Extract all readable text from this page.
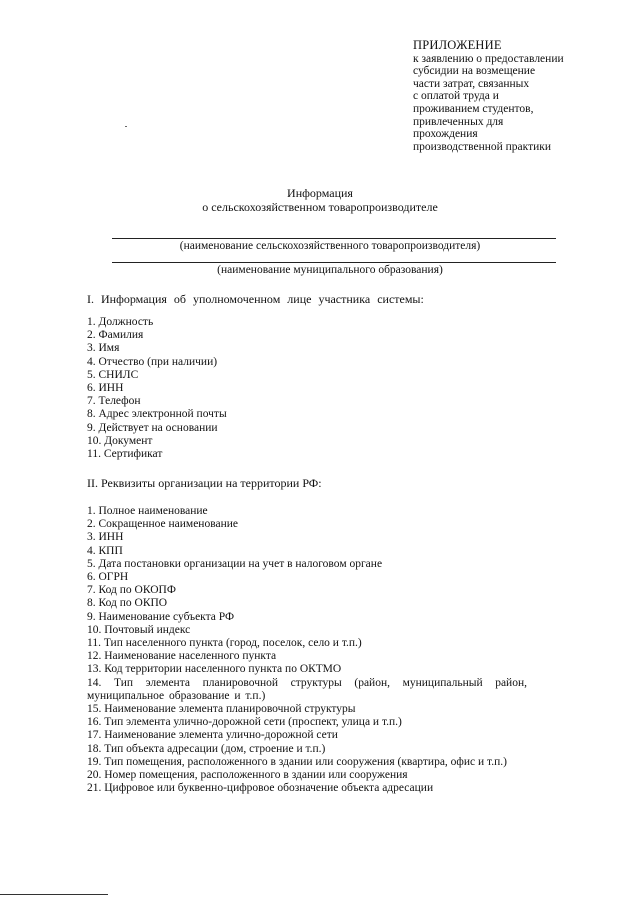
ПРИЛОЖЕНИЕ
к заявлению о предоставлении
субсидии на возмещение
части затрат, связанных
с оплатой труда и
проживанием студентов,
привлеченных для
прохождения
производственной практики
Информация
о сельскохозяйственном товаропроизводителе
(наименование сельскохозяйственного товаропроизводителя)
(наименование муниципального образования)
I. Информация об уполномоченном лице участника системы:
1. Должность
2. Фамилия
3. Имя
4. Отчество (при наличии)
5. СНИЛС
6. ИНН
7. Телефон
8. Адрес электронной почты
9. Действует на основании
10. Документ
11. Сертификат
II. Реквизиты организации на территории РФ:
1. Полное наименование
2. Сокращенное наименование
3. ИНН
4. КПП
5. Дата постановки организации на учет в налоговом органе
6. ОГРН
7. Код по ОКОПФ
8. Код по ОКПО
9. Наименование субъекта РФ
10. Почтовый индекс
11. Тип населенного пункта (город, поселок, село и т.п.)
12. Наименование населенного пункта
13. Код территории населенного пункта по ОКТМО
14. Тип элемента планировочной структуры (район, муниципальный район, муниципальное образование и т.п.)
15. Наименование элемента планировочной структуры
16. Тип элемента улично-дорожной сети (проспект, улица и т.п.)
17. Наименование элемента улично-дорожной сети
18. Тип объекта адресации (дом, строение и т.п.)
19. Тип помещения, расположенного в здании или сооружения (квартира, офис и т.п.)
20. Номер помещения, расположенного в здании или сооружения
21. Цифровое или буквенно-цифровое обозначение объекта адресации
